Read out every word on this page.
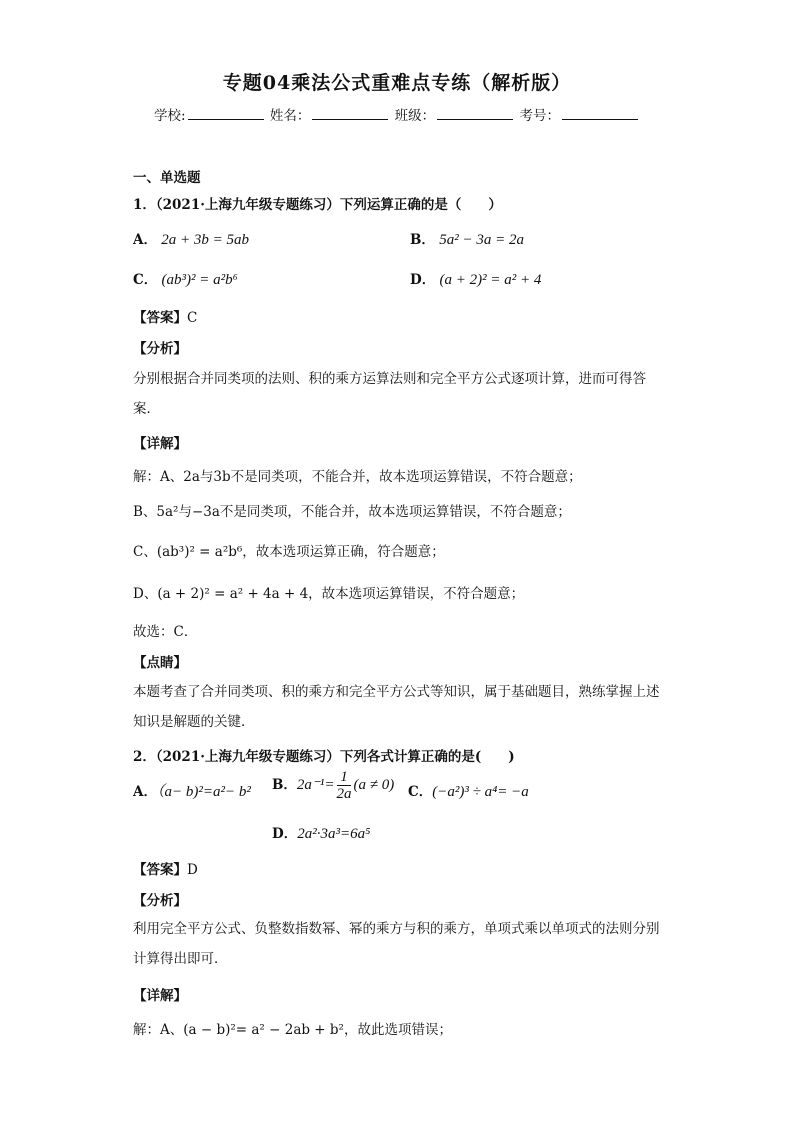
专题04乘法公式重难点专练（解析版）
学校:	姓名：	班级：	考号：
一、单选题
1．（2021·上海九年级专题练习）下列运算正确的是（　　）
A． 2a + 3b = 5ab	B． 5a² − 3a = 2a
C． (ab³)² = a²b⁶	D． (a + 2)² = a² + 4
【答案】C
【分析】
分别根据合并同类项的法则、积的乘方运算法则和完全平方公式逐项计算，进而可得答案．
【详解】
解：A、2a与3b不是同类项，不能合并，故本选项运算错误，不符合题意；
B、5a²与−3a不是同类项，不能合并，故本选项运算错误，不符合题意；
C、(ab³)² = a²b⁶，故本选项运算正确，符合题意；
D、(a + 2)² = a² + 4a + 4，故本选项运算错误，不符合题意；
故选：C．
【点睛】
本题考查了合并同类项、积的乘方和完全平方公式等知识，属于基础题目，熟练掌握上述知识是解题的关键．
2．（2021·上海九年级专题练习）下列各式计算正确的是(　　)
A．（a− b)²=a²− b² B．$2a^{-1}= \frac{1}{2a} (a \ne 0)$ C．(−a²)³ ÷ a⁴= −a
D．2a²∙3a³=6a⁵
【答案】D
【分析】
利用完全平方公式、负整数指数幂、幂的乘方与积的乘方，单项式乘以单项式的法则分别计算得出即可．
【详解】
解：A、(a − b)²= a² − 2ab + b²，故此选项错误；
